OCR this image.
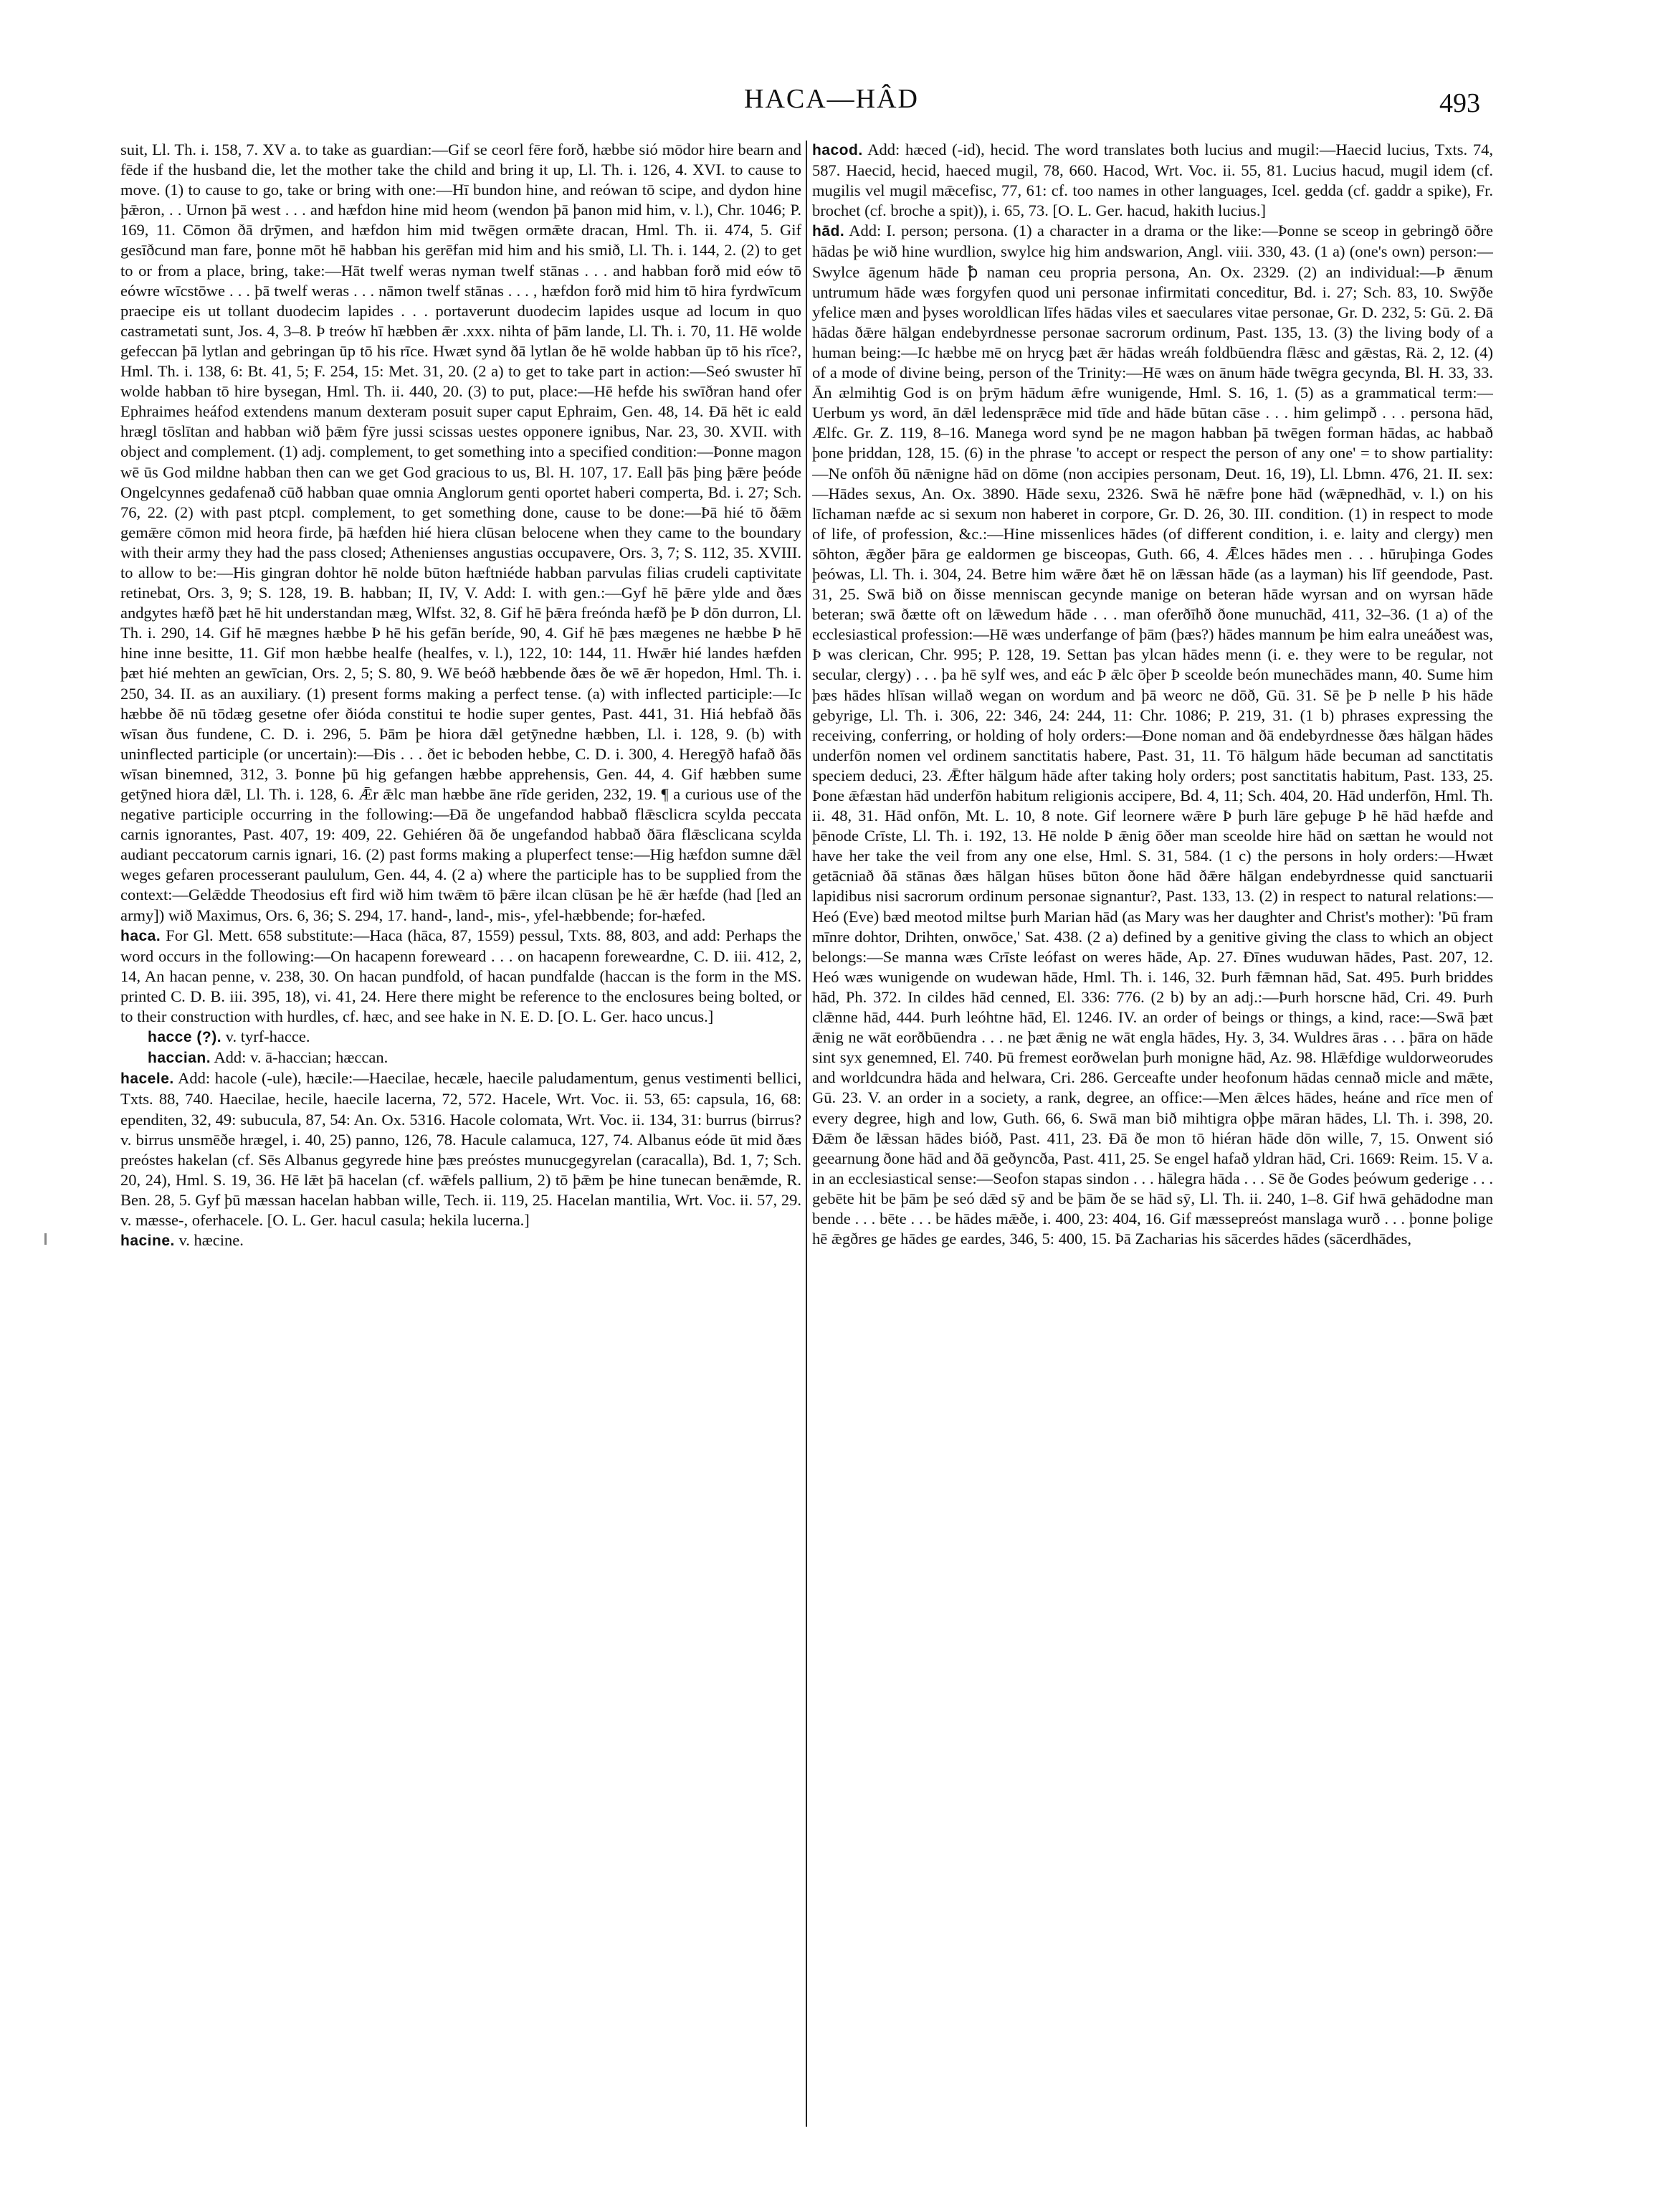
HACA—HÂD	493

suit, Ll. Th. i. 158, 7. XV a. to take as guardian:—Gif se ceorl fēre forð, hæbbe sió mōdor hire bearn and fēde if the husband die, let the mother take the child and bring it up, Ll. Th. i. 126, 4. XVI. to cause to move. (1) to cause to go, take or bring with one:—Hī bundon hine, and reówan tō scipe, and dydon hine þǣron, . . Urnon þā west . . . and hæfdon hine mid heom (wendon þā þanon mid him, v. l.), Chr. 1046; P. 169, 11. Cōmon ðā drȳmen, and hæfdon him mid twēgen ormǣte dracan, Hml. Th. ii. 474, 5. Gif gesīðcund man fare, þonne mōt hē habban his gerēfan mid him and his smið, Ll. Th. i. 144, 2. (2) to get to or from a place, bring, take:—Hāt twelf weras nyman twelf stānas . . . and habban forð mid eów tō eówre wīcstōwe . . . þā twelf weras . . . nāmon twelf stānas . . . , hæfdon forð mid him tō hira fyrdwīcum praecipe eis ut tollant duodecim lapides . . . portaverunt duodecim lapides usque ad locum in quo castrametati sunt, Jos. 4, 3–8. Þ treów hī hæbben ǣr .xxx. nihta of þām lande, Ll. Th. i. 70, 11. Hē wolde gefeccan þā lytlan and gebringan ūp tō his rīce. Hwæt synd ðā lytlan ðe hē wolde habban ūp tō his rīce?, Hml. Th. i. 138, 6: Bt. 41, 5; F. 254, 15: Met. 31, 20. (2 a) to get to take part in action:—Seó swuster hī wolde habban tō hire bysegan, Hml. Th. ii. 440, 20. (3) to put, place:—Hē hefde his swīðran hand ofer Ephraimes heáfod extendens manum dexteram posuit super caput Ephraim, Gen. 48, 14. Ðā hēt ic eald hrægl tōslītan and habban wið þǣm fȳre jussi scissas uestes opponere ignibus, Nar. 23, 30. XVII. with object and complement. (1) adj. complement, to get something into a specified condition:—Þonne magon wē ūs God mildne habban then can we get God gracious to us, Bl. H. 107, 17. Eall þās þing þǣre þeóde Ongelcynnes gedafenað cūð habban quae omnia Anglorum genti oportet haberi comperta, Bd. i. 27; Sch. 76, 22. (2) with past ptcpl. complement, to get something done, cause to be done:—Þā hié tō ðǣm gemǣre cōmon mid heora firde, þā hæfden hié hiera clūsan belocene when they came to the boundary with their army they had the pass closed; Athenienses angustias occupavere, Ors. 3, 7; S. 112, 35. XVIII. to allow to be:—His gingran dohtor hē nolde būton hæftniéde habban parvulas filias crudeli captivitate retinebat, Ors. 3, 9; S. 128, 19. B. habban; II, IV, V. Add: I. with gen.:—Gyf hē þǣre ylde and ðæs andgytes hæfð þæt hē hit understandan mæg, Wlfst. 32, 8. Gif hē þǣra freónda hæfð þe Þ dōn durron, Ll. Th. i. 290, 14. Gif hē mægnes hæbbe Þ hē his gefān beríde, 90, 4. Gif hē þæs mægenes ne hæbbe Þ hē hine inne besitte, 11. Gif mon hæbbe healfe (healfes, v. l.), 122, 10: 144, 11. Hwǣr hié landes hæfden þæt hié mehten an gewīcian, Ors. 2, 5; S. 80, 9. Wē beóð hæbbende ðæs ðe wē ǣr hopedon, Hml. Th. i. 250, 34. II. as an auxiliary. (1) present forms making a perfect tense. (a) with inflected participle:—Ic hæbbe ðē nū tōdæg gesetne ofer ðióda constitui te hodie super gentes, Past. 441, 31. Hiá hebfað ðās wīsan ðus fundene, C. D. i. 296, 5. Þām þe hiora dǣl getȳnedne hæbben, Ll. i. 128, 9. (b) with uninflected participle (or uncertain):—Ðis . . . ðet ic beboden hebbe, C. D. i. 300, 4. Heregȳð hafað ðās wīsan binemned, 312, 3. Þonne þū hig gefangen hæbbe apprehensis, Gen. 44, 4. Gif hæbben sume getȳned hiora dǣl, Ll. Th. i. 128, 6. Ǣr ǣlc man hæbbe āne rīde geriden, 232, 19. ¶ a curious use of the negative participle occurring in the following:—Ðā ðe ungefandod habbað flǣsclicra scylda peccata carnis ignorantes, Past. 407, 19: 409, 22. Gehiéren ðā ðe ungefandod habbað ðāra flǣsclicana scylda audiant peccatorum carnis ignari, 16. (2) past forms making a pluperfect tense:—Hig hæfdon sumne dǣl weges gefaren processerant paululum, Gen. 44, 4. (2 a) where the participle has to be supplied from the context:—Gelǣdde Theodosius eft fird wið him twǣm tō þǣre ilcan clūsan þe hē ǣr hæfde (had [led an army]) wið Maximus, Ors. 6, 36; S. 294, 17. hand-, land-, mis-, yfel-hæbbende; for-hæfed.

haca. For Gl. Mett. 658 substitute:—Haca (hāca, 87, 1559) pessul, Txts. 88, 803, and add: Perhaps the word occurs in the following:—On hacapenn foreweard . . . on hacapenn foreweardne, C. D. iii. 412, 2, 14, An hacan penne, v. 238, 30. On hacan pundfold, of hacan pundfalde (haccan is the form in the MS. printed C. D. B. iii. 395, 18), vi. 41, 24. Here there might be reference to the enclosures being bolted, or to their construction with hurdles, cf. hæc, and see hake in N. E. D. [O. L. Ger. haco uncus.]

hacce (?). v. tyrf-hacce.

haccian. Add: v. ā-haccian; hæccan.

hacele. Add: hacole (-ule), hæcile:—Haecilae, hecæle, haecile paludamentum, genus vestimenti bellici, Txts. 88, 740. Haecilae, hecile, haecile lacerna, 72, 572. Hacele, Wrt. Voc. ii. 53, 65: capsula, 16, 68: ependiten, 32, 49: subucula, 87, 54: An. Ox. 5316. Hacole colomata, Wrt. Voc. ii. 134, 31: burrus (birrus? v. birrus unsmēðe hrægel, i. 40, 25) panno, 126, 78. Hacule calamuca, 127, 74. Albanus eóde ūt mid ðæs preóstes hakelan (cf. Sēs Albanus gegyrede hine þæs preóstes munucgegyrelan (caracalla), Bd. 1, 7; Sch. 20, 24), Hml. S. 19, 36. Hē lǣt þā hacelan (cf. wǣfels pallium, 2) tō þǣm þe hine tunecan benǣmde, R. Ben. 28, 5. Gyf þū mæssan hacelan habban wille, Tech. ii. 119, 25. Hacelan mantilia, Wrt. Voc. ii. 57, 29. v. mæsse-, oferhacele. [O. L. Ger. hacul casula; hekila lucerna.]

hacine. v. hæcine.

hacod. Add: hæced (-id), hecid. The word translates both lucius and mugil:—Haecid lucius, Txts. 74, 587. Haecid, hecid, haeced mugil, 78, 660. Hacod, Wrt. Voc. ii. 55, 81. Lucius hacud, mugil idem (cf. mugilis vel mugil mǣcefisc, 77, 61: cf. too names in other languages, Icel. gedda (cf. gaddr a spike), Fr. brochet (cf. broche a spit)), i. 65, 73. [O. L. Ger. hacud, hakith lucius.]

hād. Add: I. person; persona. (1) a character in a drama or the like:—Þonne se sceop in gebringð ōðre hādas þe wið hine wurdlion, swylce hig him andswarion, Angl. viii. 330, 43. (1 a) (one's own) person:—Swylce āgenum hāde ꝥ naman ceu propria persona, An. Ox. 2329. (2) an individual:—Þ ǣnum untrumum hāde wæs forgyfen quod uni personae infirmitati conceditur, Bd. i. 27; Sch. 83, 10. Swȳðe yfelice mæn and þyses woroldlican līfes hādas viles et saeculares vitae personae, Gr. D. 232, 5: Gū. 2. Ðā hādas ðǣre hālgan endebyrdnesse personae sacrorum ordinum, Past. 135, 13. (3) the living body of a human being:—Ic hæbbe mē on hrycg þæt ǣr hādas wreáh foldbūendra flǣsc and gǣstas, Rä. 2, 12. (4) of a mode of divine being, person of the Trinity:—Hē wæs on ānum hāde twēgra gecynda, Bl. H. 33, 33. Ān ælmihtig God is on þrȳm hādum ǣfre wunigende, Hml. S. 16, 1. (5) as a grammatical term:—Uerbum ys word, ān dǣl ledensprǣce mid tīde and hāde būtan cāse . . . him gelimpð . . . persona hād, Ælfc. Gr. Z. 119, 8–16. Manega word synd þe ne magon habban þā twēgen forman hādas, ac habbað þone þriddan, 128, 15. (6) in the phrase 'to accept or respect the person of any one' = to show partiality:—Ne onfōh ðū nǣnigne hād on dōme (non accipies personam, Deut. 16, 19), Ll. Lbmn. 476, 21. II. sex:—Hādes sexus, An. Ox. 3890. Hāde sexu, 2326. Swā hē nǣfre þone hād (wǣpnedhād, v. l.) on his līchaman næfde ac si sexum non haberet in corpore, Gr. D. 26, 30. III. condition. (1) in respect to mode of life, of profession, &c.:—Hine missenlices hādes (of different condition, i. e. laity and clergy) men sōhton, ǣgðer þāra ge ealdormen ge bisceopas, Guth. 66, 4. Ǣlces hādes men . . . hūruþinga Godes þeówas, Ll. Th. i. 304, 24. Betre him wǣre ðæt hē on lǣssan hāde (as a layman) his līf geendode, Past. 31, 25. Swā bið on ðisse menniscan gecynde manige on beteran hāde wyrsan and on wyrsan hāde beteran; swā ðætte oft on lǣwedum hāde . . . man oferðīhð ðone munuchād, 411, 32–36. (1 a) of the ecclesiastical profession:—Hē wæs underfange of þām (þæs?) hādes mannum þe him ealra uneáðest was, Þ was clerican, Chr. 995; P. 128, 19. Settan þas ylcan hādes menn (i. e. they were to be regular, not secular, clergy) . . . þa hē sylf wes, and eác Þ ǣlc ōþer Þ sceolde beón munechādes mann, 40. Sume him þæs hādes hlīsan willað wegan on wordum and þā weorc ne dōð, Gū. 31. Sē þe Þ nelle Þ his hāde gebyrige, Ll. Th. i. 306, 22: 346, 24: 244, 11: Chr. 1086; P. 219, 31. (1 b) phrases expressing the receiving, conferring, or holding of holy orders:—Ðone noman and ðā endebyrdnesse ðæs hālgan hādes underfōn nomen vel ordinem sanctitatis habere, Past. 31, 11. Tō hālgum hāde becuman ad sanctitatis speciem deduci, 23. Ǣfter hālgum hāde after taking holy orders; post sanctitatis habitum, Past. 133, 25. Þone ǣfæstan hād underfōn habitum religionis accipere, Bd. 4, 11; Sch. 404, 20. Hād underfōn, Hml. Th. ii. 48, 31. Hād onfōn, Mt. L. 10, 8 note. Gif leornere wǣre Þ þurh lāre geþuge Þ hē hād hæfde and þēnode Crīste, Ll. Th. i. 192, 13. Hē nolde Þ ǣnig ōðer man sceolde hire hād on sættan he would not have her take the veil from any one else, Hml. S. 31, 584. (1 c) the persons in holy orders:—Hwæt getācniað ðā stānas ðæs hālgan hūses būton ðone hād ðǣre hālgan endebyrdnesse quid sanctuarii lapidibus nisi sacrorum ordinum personae signantur?, Past. 133, 13. (2) in respect to natural relations:—Heó (Eve) bæd meotod miltse þurh Marian hād (as Mary was her daughter and Christ's mother): 'Þū fram mīnre dohtor, Drihten, onwōce,' Sat. 438. (2 a) defined by a genitive giving the class to which an object belongs:—Se manna wæs Crīste leófast on weres hāde, Ap. 27. Ðīnes wuduwan hādes, Past. 207, 12. Heó wæs wunigende on wudewan hāde, Hml. Th. i. 146, 32. Þurh fǣmnan hād, Sat. 495. Þurh briddes hād, Ph. 372. In cildes hād cenned, El. 336: 776. (2 b) by an adj.:—Þurh horscne hād, Cri. 49. Þurh clǣnne hād, 444. Þurh leóhtne hād, El. 1246. IV. an order of beings or things, a kind, race:—Swā þæt ǣnig ne wāt eorðbūendra . . . ne þæt ǣnig ne wāt engla hādes, Hy. 3, 34. Wuldres āras . . . þāra on hāde sint syx genemned, El. 740. Þū fremest eorðwelan þurh monigne hād, Az. 98. Hlǣfdige wuldorweorudes and worldcundra hāda and helwara, Cri. 286. Gerceafte under heofonum hādas cennað micle and mǣte, Gū. 23. V. an order in a society, a rank, degree, an office:—Men ǣlces hādes, heáne and rīce men of every degree, high and low, Guth. 66, 6. Swā man bið mihtigra oþþe māran hādes, Ll. Th. i. 398, 20. Ðǣm ðe lǣssan hādes bióð, Past. 411, 23. Ðā ðe mon tō hiéran hāde dōn wille, 7, 15. Onwent sió geearnung ðone hād and ðā geðyncða, Past. 411, 25. Se engel hafað yldran hād, Cri. 1669: Reim. 15. V a. in an ecclesiastical sense:—Seofon stapas sindon . . . hālegra hāda . . . Sē ðe Godes þeówum gederige . . . gebēte hit be þām þe seó dǣd sȳ and be þām ðe se hād sȳ, Ll. Th. ii. 240, 1–8. Gif hwā gehādodne man bende . . . bēte . . . be hādes mǣðe, i. 400, 23: 404, 16. Gif mæssepreóst manslaga wurð . . . þonne þolige hē ǣgðres ge hādes ge eardes, 346, 5: 400, 15. Þā Zacharias his sācerdes hādes (sācerdhādes,
